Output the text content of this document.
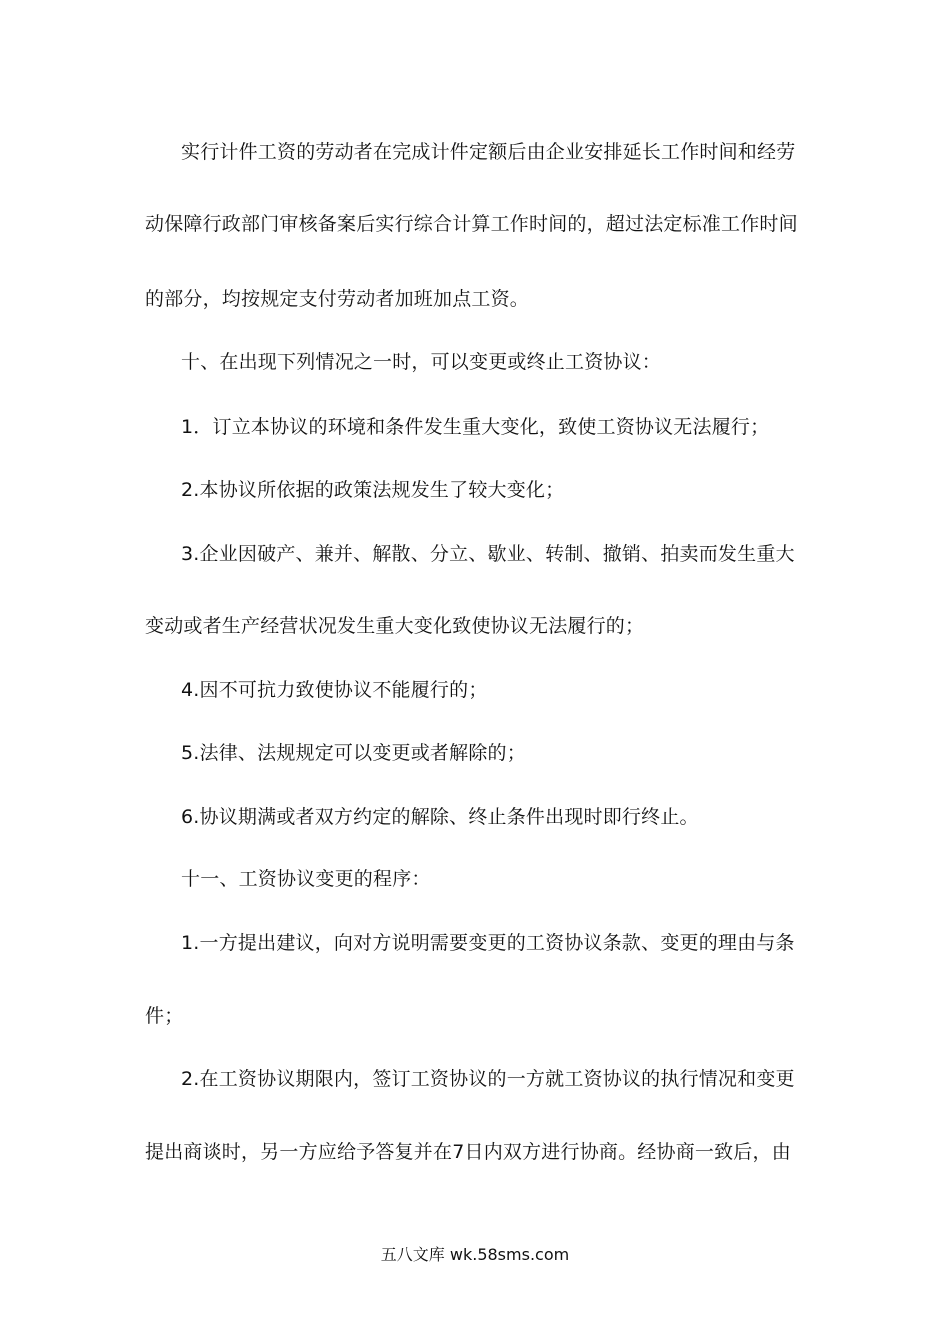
实行计件工资的劳动者在完成计件定额后由企业安排延长工作时间和经劳
动保障行政部门审核备案后实行综合计算工作时间的，超过法定标准工作时间
的部分，均按规定支付劳动者加班加点工资。
十、在出现下列情况之一时，可以变更或终止工资协议：
1．订立本协议的环境和条件发生重大变化，致使工资协议无法履行；
2.本协议所依据的政策法规发生了较大变化；
3.企业因破产、兼并、解散、分立、歇业、转制、撤销、拍卖而发生重大
变动或者生产经营状况发生重大变化致使协议无法履行的；
4.因不可抗力致使协议不能履行的；
5.法律、法规规定可以变更或者解除的；
6.协议期满或者双方约定的解除、终止条件出现时即行终止。
十一、工资协议变更的程序：
1.一方提出建议，向对方说明需要变更的工资协议条款、变更的理由与条
件；
2.在工资协议期限内，签订工资协议的一方就工资协议的执行情况和变更
提出商谈时，另一方应给予答复并在7日内双方进行协商。经协商一致后，由
五八文库 wk.58sms.com
